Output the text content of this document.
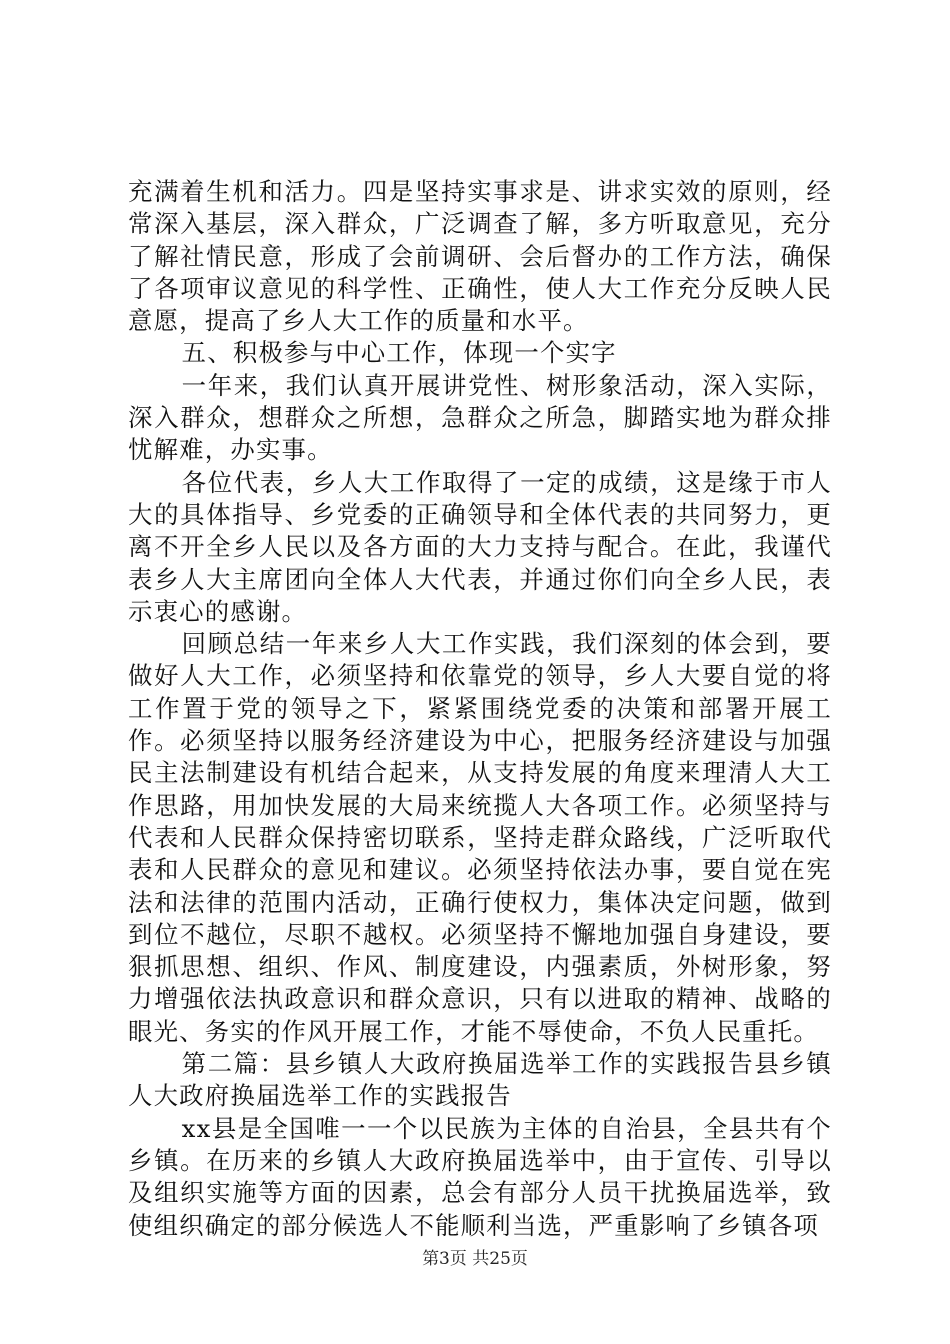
充满着生机和活力。四是坚持实事求是、讲求实效的原则，经常深入基层，深入群众，广泛调查了解，多方听取意见，充分了解社情民意，形成了会前调研、会后督办的工作方法，确保了各项审议意见的科学性、正确性，使人大工作充分反映人民意愿，提高了乡人大工作的质量和水平。

五、积极参与中心工作，体现一个实字

一年来，我们认真开展讲党性、树形象活动，深入实际，深入群众，想群众之所想，急群众之所急，脚踏实地为群众排忧解难，办实事。

各位代表，乡人大工作取得了一定的成绩，这是缘于市人大的具体指导、乡党委的正确领导和全体代表的共同努力，更离不开全乡人民以及各方面的大力支持与配合。在此，我谨代表乡人大主席团向全体人大代表，并通过你们向全乡人民，表示衷心的感谢。

回顾总结一年来乡人大工作实践，我们深刻的体会到，要做好人大工作，必须坚持和依靠党的领导，乡人大要自觉的将工作置于党的领导之下，紧紧围绕党委的决策和部署开展工作。必须坚持以服务经济建设为中心，把服务经济建设与加强民主法制建设有机结合起来，从支持发展的角度来理清人大工作思路，用加快发展的大局来统揽人大各项工作。必须坚持与代表和人民群众保持密切联系，坚持走群众路线，广泛听取代表和人民群众的意见和建议。必须坚持依法办事，要自觉在宪法和法律的范围内活动，正确行使权力，集体决定问题，做到到位不越位，尽职不越权。必须坚持不懈地加强自身建设，要狠抓思想、组织、作风、制度建设，内强素质，外树形象，努力增强依法执政意识和群众意识，只有以进取的精神、战略的眼光、务实的作风开展工作，才能不辱使命，不负人民重托。

第二篇：县乡镇人大政府换届选举工作的实践报告县乡镇人大政府换届选举工作的实践报告

xx县是全国唯一一个以民族为主体的自治县，全县共有个乡镇。在历来的乡镇人大政府换届选举中，由于宣传、引导以及组织实施等方面的因素，总会有部分人员干扰换届选举，致使组织确定的部分候选人不能顺利当选，严重影响了乡镇各项

第3页 共25页
